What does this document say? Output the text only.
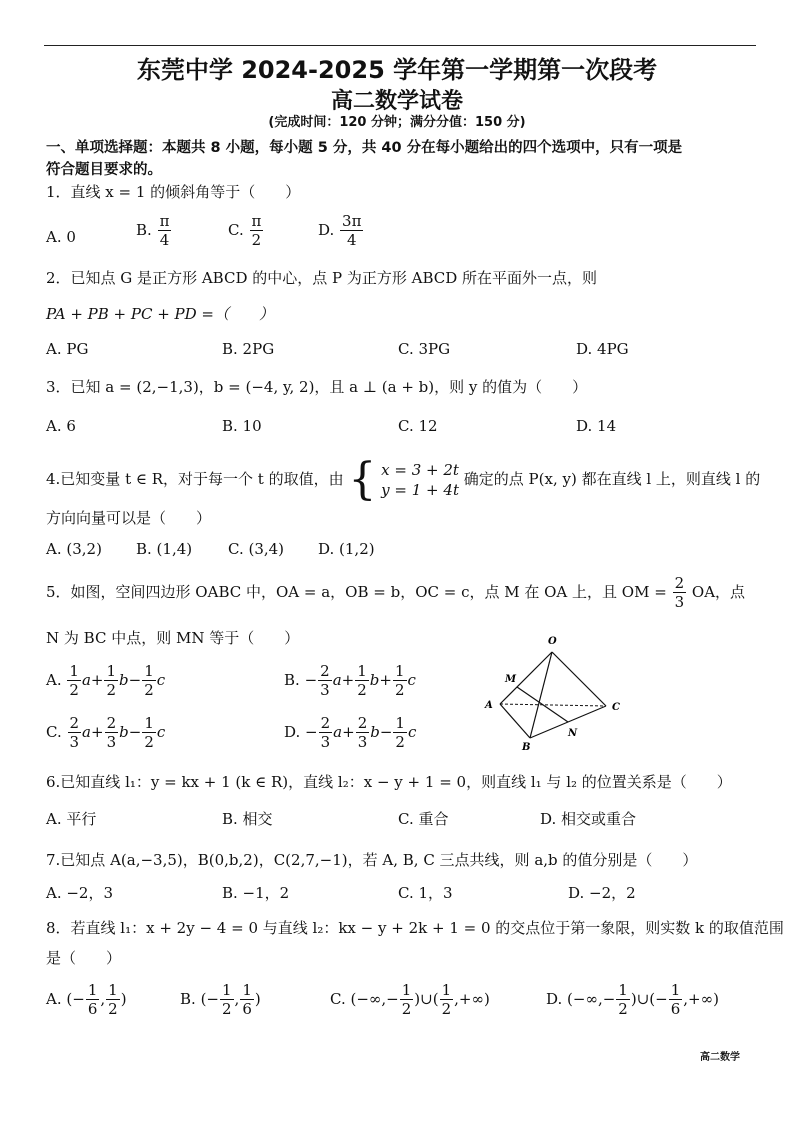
东莞中学 2024-2025 学年第一学期第一次段考
高二数学试卷
(完成时间：120 分钟；满分分值：150 分)
一、单项选择题：本题共 8 小题，每小题 5 分，共 40 分在每小题给出的四个选项中，只有一项是
符合题目要求的。
1．直线 x = 1 的倾斜角等于（　　）
A. 0	B. $\frac{\pi}{4}$	C. $\frac{\pi}{2}$	D. $\frac{3\pi}{4}$
2．已知点 G 是正方形 ABCD 的中心，点 P 为正方形 ABCD 所在平面外一点，则
PA + PB + PC + PD =（　　）
A. PG	B. 2PG	C. 3PG	D. 4PG
3．已知 a = (2,−1,3)，b = (−4, y, 2)，且 a ⊥ (a + b)，则 y 的值为（　　）
A. 6	B. 10	C. 12	D. 14
4.已知变量 t ∈ R，对于每一个 t 的取值，由 { x = 3 + 2t
y = 1 + 4t
确定的点 P(x, y) 都在直线 l 上，则直线 l 的
方向向量可以是（　　）
A. (3,2) B. (1,4) C. (3,4) D. (1,2)
5．如图，空间四边形 OABC 中，OA = a，OB = b，OC = c，点 M 在 OA 上，且 OM = $\frac{2}{3}$ OA，点
N 为 BC 中点，则 MN 等于（　　）
A. $\frac{1}{2} a+ \frac{1}{2} b- \frac{1}{2}$ c	B. − $\frac{2}{3} a+ \frac{1}{2} b+ \frac{1}{2}$ c
C. $\frac{2}{3} a+ \frac{2}{3} b- \frac{1}{2}$ c	D. − $\frac{2}{3} a+ \frac{2}{3} b- \frac{1}{2}$ c
O
M
A	C
N
B
6.已知直线 l₁：y = kx + 1 (k ∈ R)，直线 l₂：x − y + 1 = 0，则直线 l₁ 与 l₂ 的位置关系是（　　）
A. 平行	B. 相交	C. 重合	D. 相交或重合
7.已知点 A(a,−3,5)，B(0,b,2)，C(2,7,−1)，若 A, B, C 三点共线，则 a,b 的值分别是（　　）
A. −2，3	B. −1，2	C. 1，3	D. −2，2
8．若直线 l₁：x + 2y − 4 = 0 与直线 l₂：kx − y + 2k + 1 = 0 的交点位于第一象限，则实数 k 的取值范围
是（　　）
A. (− $\frac{1}{6}$ , $\frac{1}{2}$ )	B. (− $\frac{1}{2}$ , $\frac{1}{6}$ )	C. (−∞,− $\frac{1}{2}$ )∪( $\frac{1}{2}$ ,+∞)	D. (−∞,− $\frac{1}{2}$ )∪(− $\frac{1}{6}$ ,+∞)
高二数学
